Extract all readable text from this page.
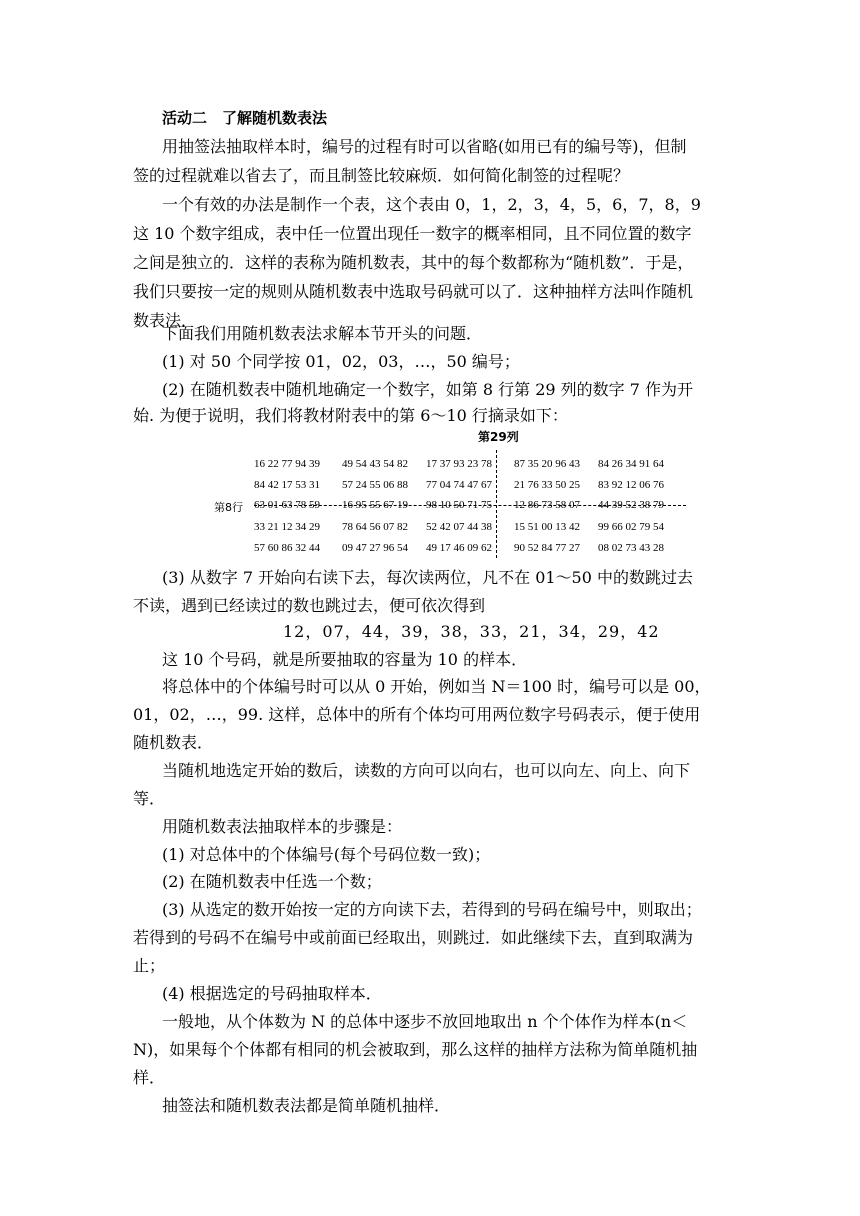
活动二　了解随机数表法
用抽签法抽取样本时，编号的过程有时可以省略(如用已有的编号等)，但制
签的过程就难以省去了，而且制签比较麻烦．如何简化制签的过程呢？
一个有效的办法是制作一个表，这个表由 0，1，2，3，4，5，6，7，8，9
这 10 个数字组成，表中任一位置出现任一数字的概率相同，且不同位置的数字
之间是独立的．这样的表称为随机数表，其中的每个数都称为“随机数”．于是，
我们只要按一定的规则从随机数表中选取号码就可以了．这种抽样方法叫作随机
数表法．
下面我们用随机数表法求解本节开头的问题．
(1) 对 50 个同学按 01，02，03，…，50 编号；
(2) 在随机数表中随机地确定一个数字，如第 8 行第 29 列的数字 7 作为开
始. 为便于说明，我们将教材附表中的第 6～10 行摘录如下：
第29列
第8行
16 22 77 94 39 49 54 43 54 82 17 37 93 23 78 87 35 20 96 43 84 26 34 91 64
84 42 17 53 31 57 24 55 06 88 77 04 74 47 67 21 76 33 50 25 83 92 12 06 76
63 01 63 78 59 16 95 55 67 19 98 10 50 71 75 12 86 73 58 07 44 39 52 38 79
33 21 12 34 29 78 64 56 07 82 52 42 07 44 38 15 51 00 13 42 99 66 02 79 54
57 60 86 32 44 09 47 27 96 54 49 17 46 09 62 90 52 84 77 27 08 02 73 43 28
(3) 从数字 7 开始向右读下去，每次读两位，凡不在 01～50 中的数跳过去
不读，遇到已经读过的数也跳过去，便可依次得到
12，07，44，39，38，33，21，34，29，42
这 10 个号码，就是所要抽取的容量为 10 的样本．
将总体中的个体编号时可以从 0 开始，例如当 N＝100 时，编号可以是 00，
01，02，…，99. 这样，总体中的所有个体均可用两位数字号码表示，便于使用
随机数表．
当随机地选定开始的数后，读数的方向可以向右，也可以向左、向上、向下
等．
用随机数表法抽取样本的步骤是：
(1) 对总体中的个体编号(每个号码位数一致)；
(2) 在随机数表中任选一个数；
(3) 从选定的数开始按一定的方向读下去，若得到的号码在编号中，则取出；
若得到的号码不在编号中或前面已经取出，则跳过．如此继续下去，直到取满为
止；
(4) 根据选定的号码抽取样本．
一般地，从个体数为 N 的总体中逐步不放回地取出 n 个个体作为样本(n＜
N)，如果每个个体都有相同的机会被取到，那么这样的抽样方法称为简单随机抽
样．
抽签法和随机数表法都是简单随机抽样．
